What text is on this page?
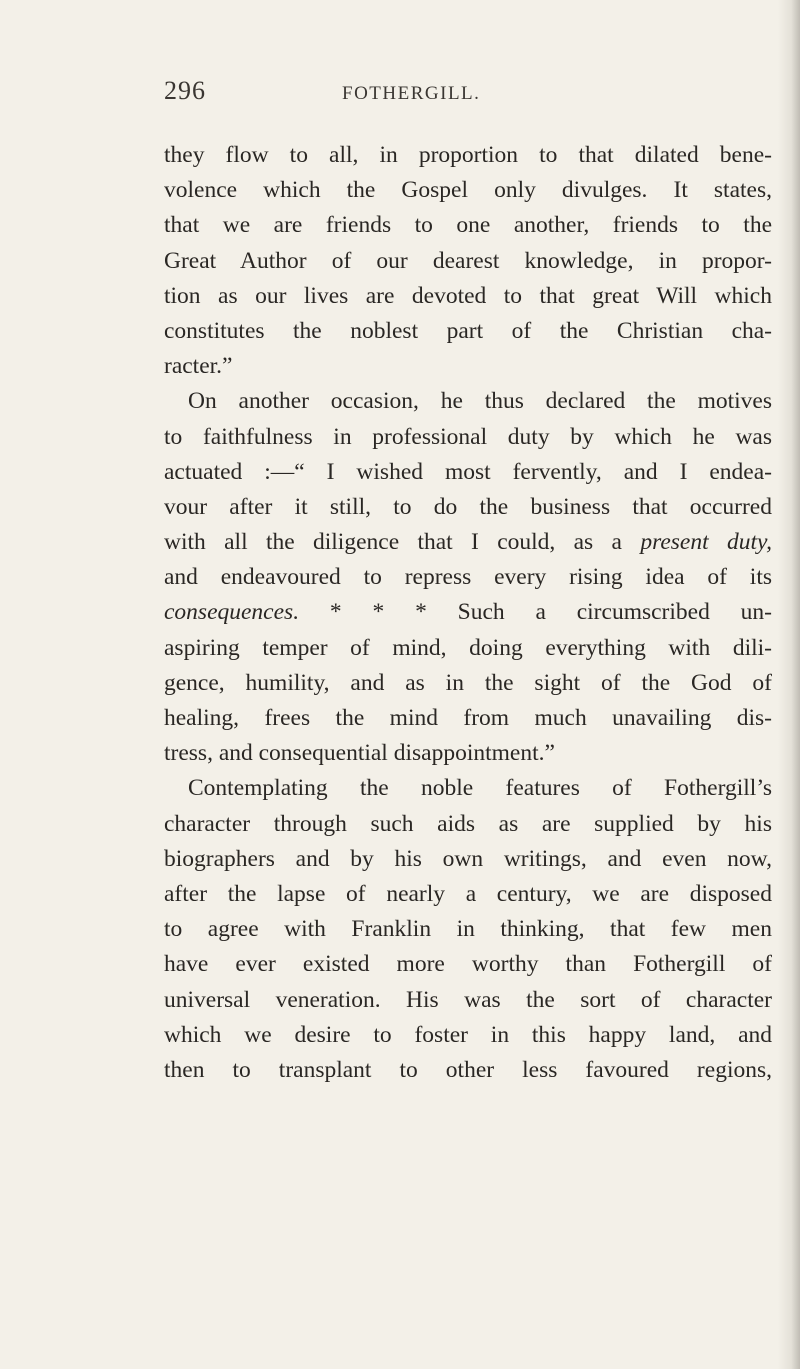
296	FOTHERGILL.
they flow to all, in proportion to that dilated bene-
volence which the Gospel only divulges. It states,
that we are friends to one another, friends to the
Great Author of our dearest knowledge, in propor-
tion as our lives are devoted to that great Will which
constitutes the noblest part of the Christian cha-
racter.”
On another occasion, he thus declared the motives
to faithfulness in professional duty by which he was
actuated :—“ I wished most fervently, and I endea-
vour after it still, to do the business that occurred
with all the diligence that I could, as a present duty,
and endeavoured to repress every rising idea of its
consequences. * * * Such a circumscribed un-
aspiring temper of mind, doing everything with dili-
gence, humility, and as in the sight of the God of
healing, frees the mind from much unavailing dis-
tress, and consequential disappointment.”
Contemplating the noble features of Fothergill’s
character through such aids as are supplied by his
biographers and by his own writings, and even now,
after the lapse of nearly a century, we are disposed
to agree with Franklin in thinking, that few men
have ever existed more worthy than Fothergill of
universal veneration. His was the sort of character
which we desire to foster in this happy land, and
then to transplant to other less favoured regions,
